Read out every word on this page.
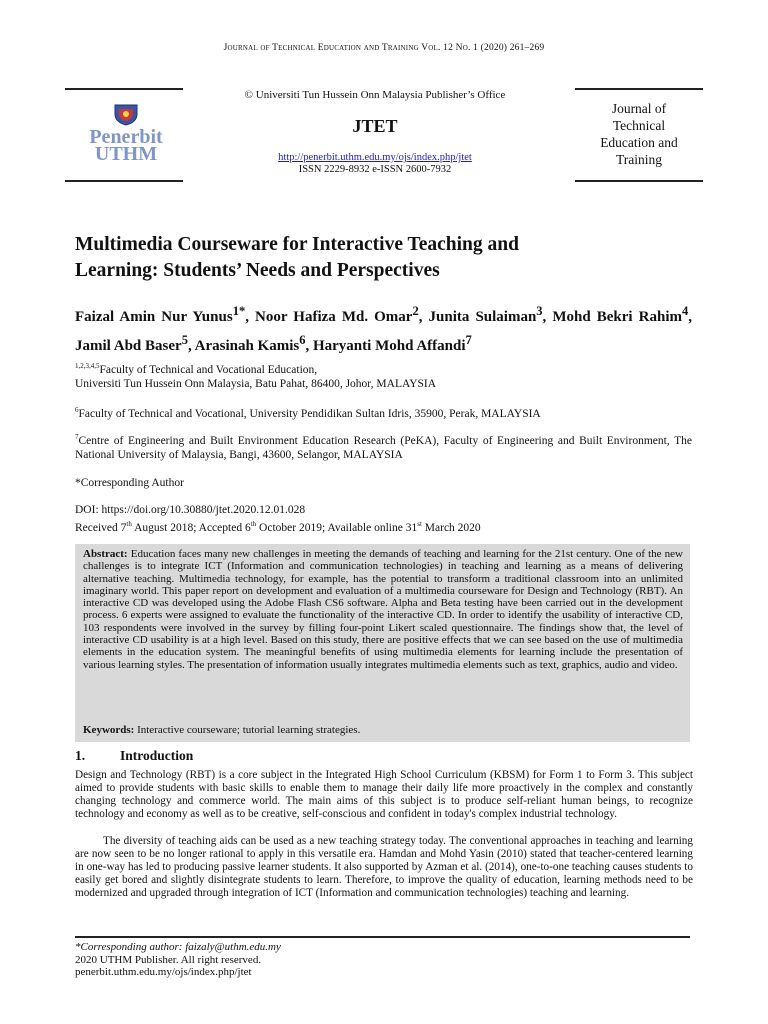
Journal of Technical Education and Training Vol. 12 No. 1 (2020) 261–269
Penerbit
UTHM
© Universiti Tun Hussein Onn Malaysia Publisher’s Office
JTET
http://penerbit.uthm.edu.my/ojs/index.php/jtet
ISSN 2229-8932 e-ISSN 2600-7932
Journal of
Technical
Education and
Training
Multimedia Courseware for Interactive Teaching and
Learning: Students’ Needs and Perspectives
Faizal Amin Nur Yunus$^{1*}$, Noor Hafiza Md. Omar$^2$, Junita Sulaiman$^3$, Mohd Bekri Rahim$^4$, Jamil Abd Baser$^5$, Arasinah Kamis$^6$, Haryanti Mohd Affandi$^7$
$^{1,2,3,4,5}$Faculty of Technical and Vocational Education,
Universiti Tun Hussein Onn Malaysia, Batu Pahat, 86400, Johor, MALAYSIA
$^6$Faculty of Technical and Vocational, University Pendidikan Sultan Idris, 35900, Perak, MALAYSIA
$^7$Centre of Engineering and Built Environment Education Research (PeKA), Faculty of Engineering and Built Environment, The National University of Malaysia, Bangi, 43600, Selangor, MALAYSIA
*Corresponding Author
DOI: https://doi.org/10.30880/jtet.2020.12.01.028
Received 7th August 2018; Accepted 6th October 2019; Available online 31st March 2020
Abstract: Education faces many new challenges in meeting the demands of teaching and learning for the 21st century. One of the new challenges is to integrate ICT (Information and communication technologies) in teaching and learning as a means of delivering alternative teaching. Multimedia technology, for example, has the potential to transform a traditional classroom into an unlimited imaginary world. This paper report on development and evaluation of a multimedia courseware for Design and Technology (RBT). An interactive CD was developed using the Adobe Flash CS6 software. Alpha and Beta testing have been carried out in the development process. 6 experts were assigned to evaluate the functionality of the interactive CD. In order to identify the usability of interactive CD, 103 respondents were involved in the survey by filling four-point Likert scaled questionnaire. The findings show that, the level of interactive CD usability is at a high level. Based on this study, there are positive effects that we can see based on the use of multimedia elements in the education system. The meaningful benefits of using multimedia elements for learning include the presentation of various learning styles. The presentation of information usually integrates multimedia elements such as text, graphics, audio and video.
Keywords: Interactive courseware; tutorial learning strategies.
1.	Introduction
Design and Technology (RBT) is a core subject in the Integrated High School Curriculum (KBSM) for Form 1 to Form 3. This subject aimed to provide students with basic skills to enable them to manage their daily life more proactively in the complex and constantly changing technology and commerce world. The main aims of this subject is to produce self-reliant human beings, to recognize technology and economy as well as to be creative, self-conscious and confident in today's complex industrial technology.
The diversity of teaching aids can be used as a new teaching strategy today. The conventional approaches in teaching and learning are now seen to be no longer rational to apply in this versatile era. Hamdan and Mohd Yasin (2010) stated that teacher-centered learning in one-way has led to producing passive learner students. It also supported by Azman et al. (2014), one-to-one teaching causes students to easily get bored and slightly disintegrate students to learn. Therefore, to improve the quality of education, learning methods need to be modernized and upgraded through integration of ICT (Information and communication technologies) teaching and learning.
*Corresponding author: faizaly@uthm.edu.my
2020 UTHM Publisher. All right reserved.
penerbit.uthm.edu.my/ojs/index.php/jtet
